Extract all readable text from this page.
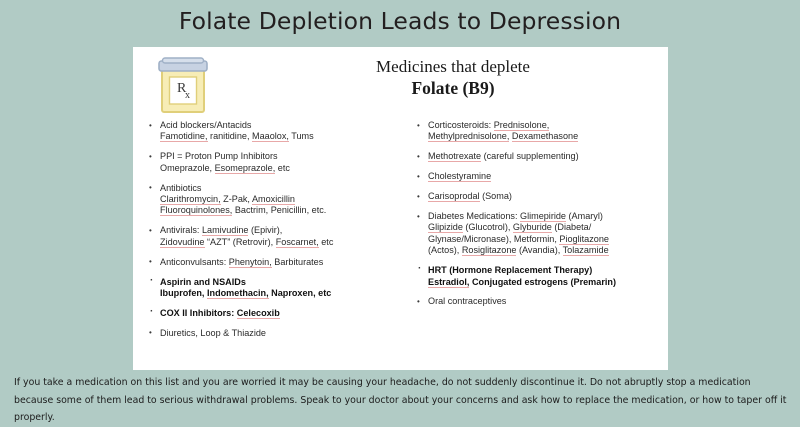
Folate Depletion Leads to Depression
R
x
Medicines that deplete
Folate (B9)
• Acid blockers/Antacids
Famotidine, ranitidine, Maaolox, Tums
• PPI = Proton Pump Inhibitors
Omeprazole, Esomeprazole, etc
• Antibiotics
Clarithromycin, Z-Pak, Amoxicillin
Fluoroquinolones, Bactrim, Penicillin, etc.
• Antivirals: Lamivudine (Epivir),
Zidovudine “AZT” (Retrovir), Foscarnet, etc
• Anticonvulsants: Phenytoin, Barbiturates
· Aspirin and NSAIDs
Ibuprofen, Indomethacin, Naproxen, etc
· COX II Inhibitors: Celecoxib
• Diuretics, Loop & Thiazide
• Corticosteroids: Prednisolone,
Methylprednisolone, Dexamethasone
• Methotrexate (careful supplementing)
• Cholestyramine
• Carisoprodal (Soma)
• Diabetes Medications: Glimepiride (Amaryl)
Glipizide (Glucotrol), Glyburide (Diabeta/
Glynase/Micronase), Metformin, Pioglitazone
(Actos), Rosiglitazone (Avandia), Tolazamide
· HRT (Hormone Replacement Therapy)
Estradiol, Conjugated estrogens (Premarin)
• Oral contraceptives
If you take a medication on this list and you are worried it may be causing your headache, do not suddenly discontinue it. Do not abruptly stop a medication because some of them lead to serious withdrawal problems. Speak to your doctor about your concerns and ask how to replace the medication, or how to taper off it properly.
